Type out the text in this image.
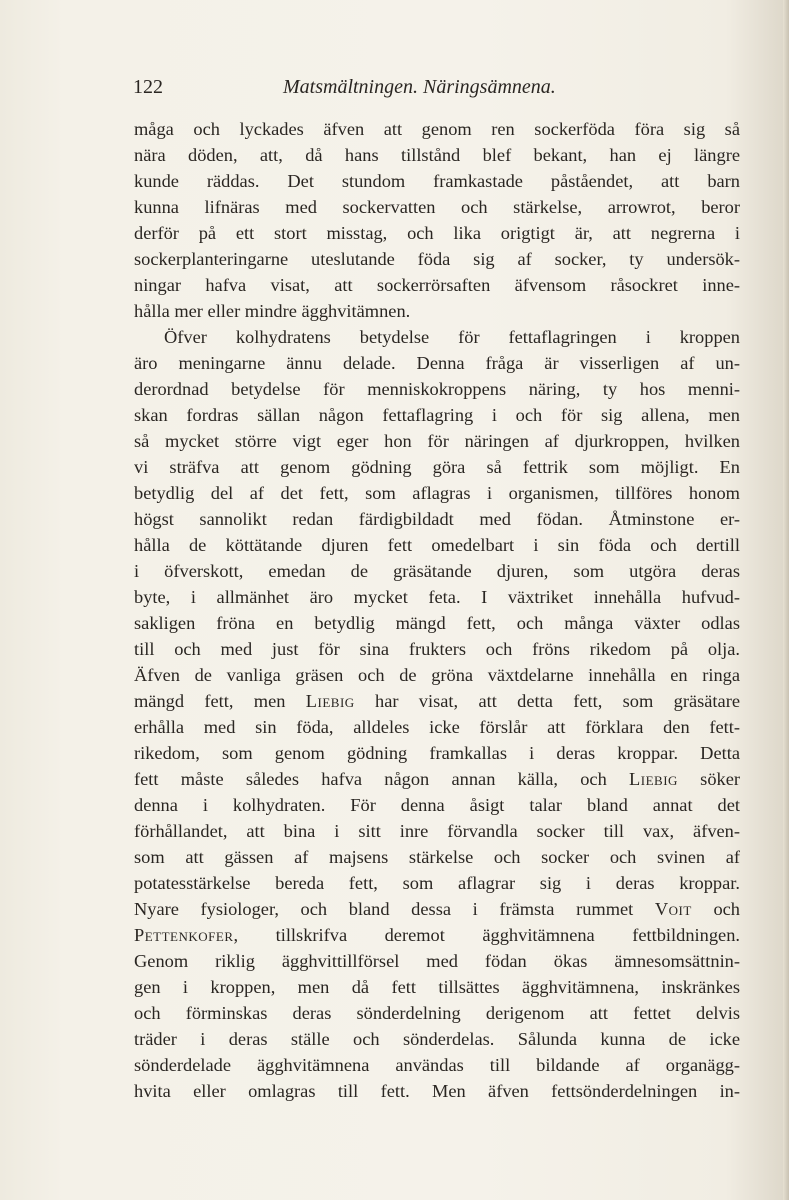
122	Matsmältningen. Näringsämnena.
måga och lyckades äfven att genom ren sockerföda föra sig så
nära döden, att, då hans tillstånd blef bekant, han ej längre
kunde räddas. Det stundom framkastade påståendet, att barn
kunna lifnäras med sockervatten och stärkelse, arrowrot, beror
derför på ett stort misstag, och lika origtigt är, att negrerna i
sockerplanteringarne uteslutande föda sig af socker, ty undersök-
ningar hafva visat, att sockerrörsaften äfvensom råsockret inne-
hålla mer eller mindre ägghvitämnen.
Öfver kolhydratens betydelse för fettaflagringen i kroppen
äro meningarne ännu delade. Denna fråga är visserligen af un-
derordnad betydelse för menniskokroppens näring, ty hos menni-
skan fordras sällan någon fettaflagring i och för sig allena, men
så mycket större vigt eger hon för näringen af djurkroppen, hvilken
vi sträfva att genom gödning göra så fettrik som möjligt. En
betydlig del af det fett, som aflagras i organismen, tillföres honom
högst sannolikt redan färdigbildadt med födan. Åtminstone er-
hålla de köttätande djuren fett omedelbart i sin föda och dertill
i öfverskott, emedan de gräsätande djuren, som utgöra deras
byte, i allmänhet äro mycket feta. I växtriket innehålla hufvud-
sakligen fröna en betydlig mängd fett, och många växter odlas
till och med just för sina frukters och fröns rikedom på olja.
Äfven de vanliga gräsen och de gröna växtdelarne innehålla en ringa
mängd fett, men Liebig har visat, att detta fett, som gräsätare
erhålla med sin föda, alldeles icke förslår att förklara den fett-
rikedom, som genom gödning framkallas i deras kroppar. Detta
fett måste således hafva någon annan källa, och Liebig söker
denna i kolhydraten. För denna åsigt talar bland annat det
förhållandet, att bina i sitt inre förvandla socker till vax, äfven-
som att gässen af majsens stärkelse och socker och svinen af
potatesstärkelse bereda fett, som aflagrar sig i deras kroppar.
Nyare fysiologer, och bland dessa i främsta rummet Voit och
Pettenkofer, tillskrifva deremot ägghvitämnena fettbildningen.
Genom riklig ägghvittillförsel med födan ökas ämnesomsättnin-
gen i kroppen, men då fett tillsättes ägghvitämnena, inskränkes
och förminskas deras sönderdelning derigenom att fettet delvis
träder i deras ställe och sönderdelas. Sålunda kunna de icke
sönderdelade ägghvitämnena användas till bildande af organägg-
hvita eller omlagras till fett. Men äfven fettsönderdelningen in-
